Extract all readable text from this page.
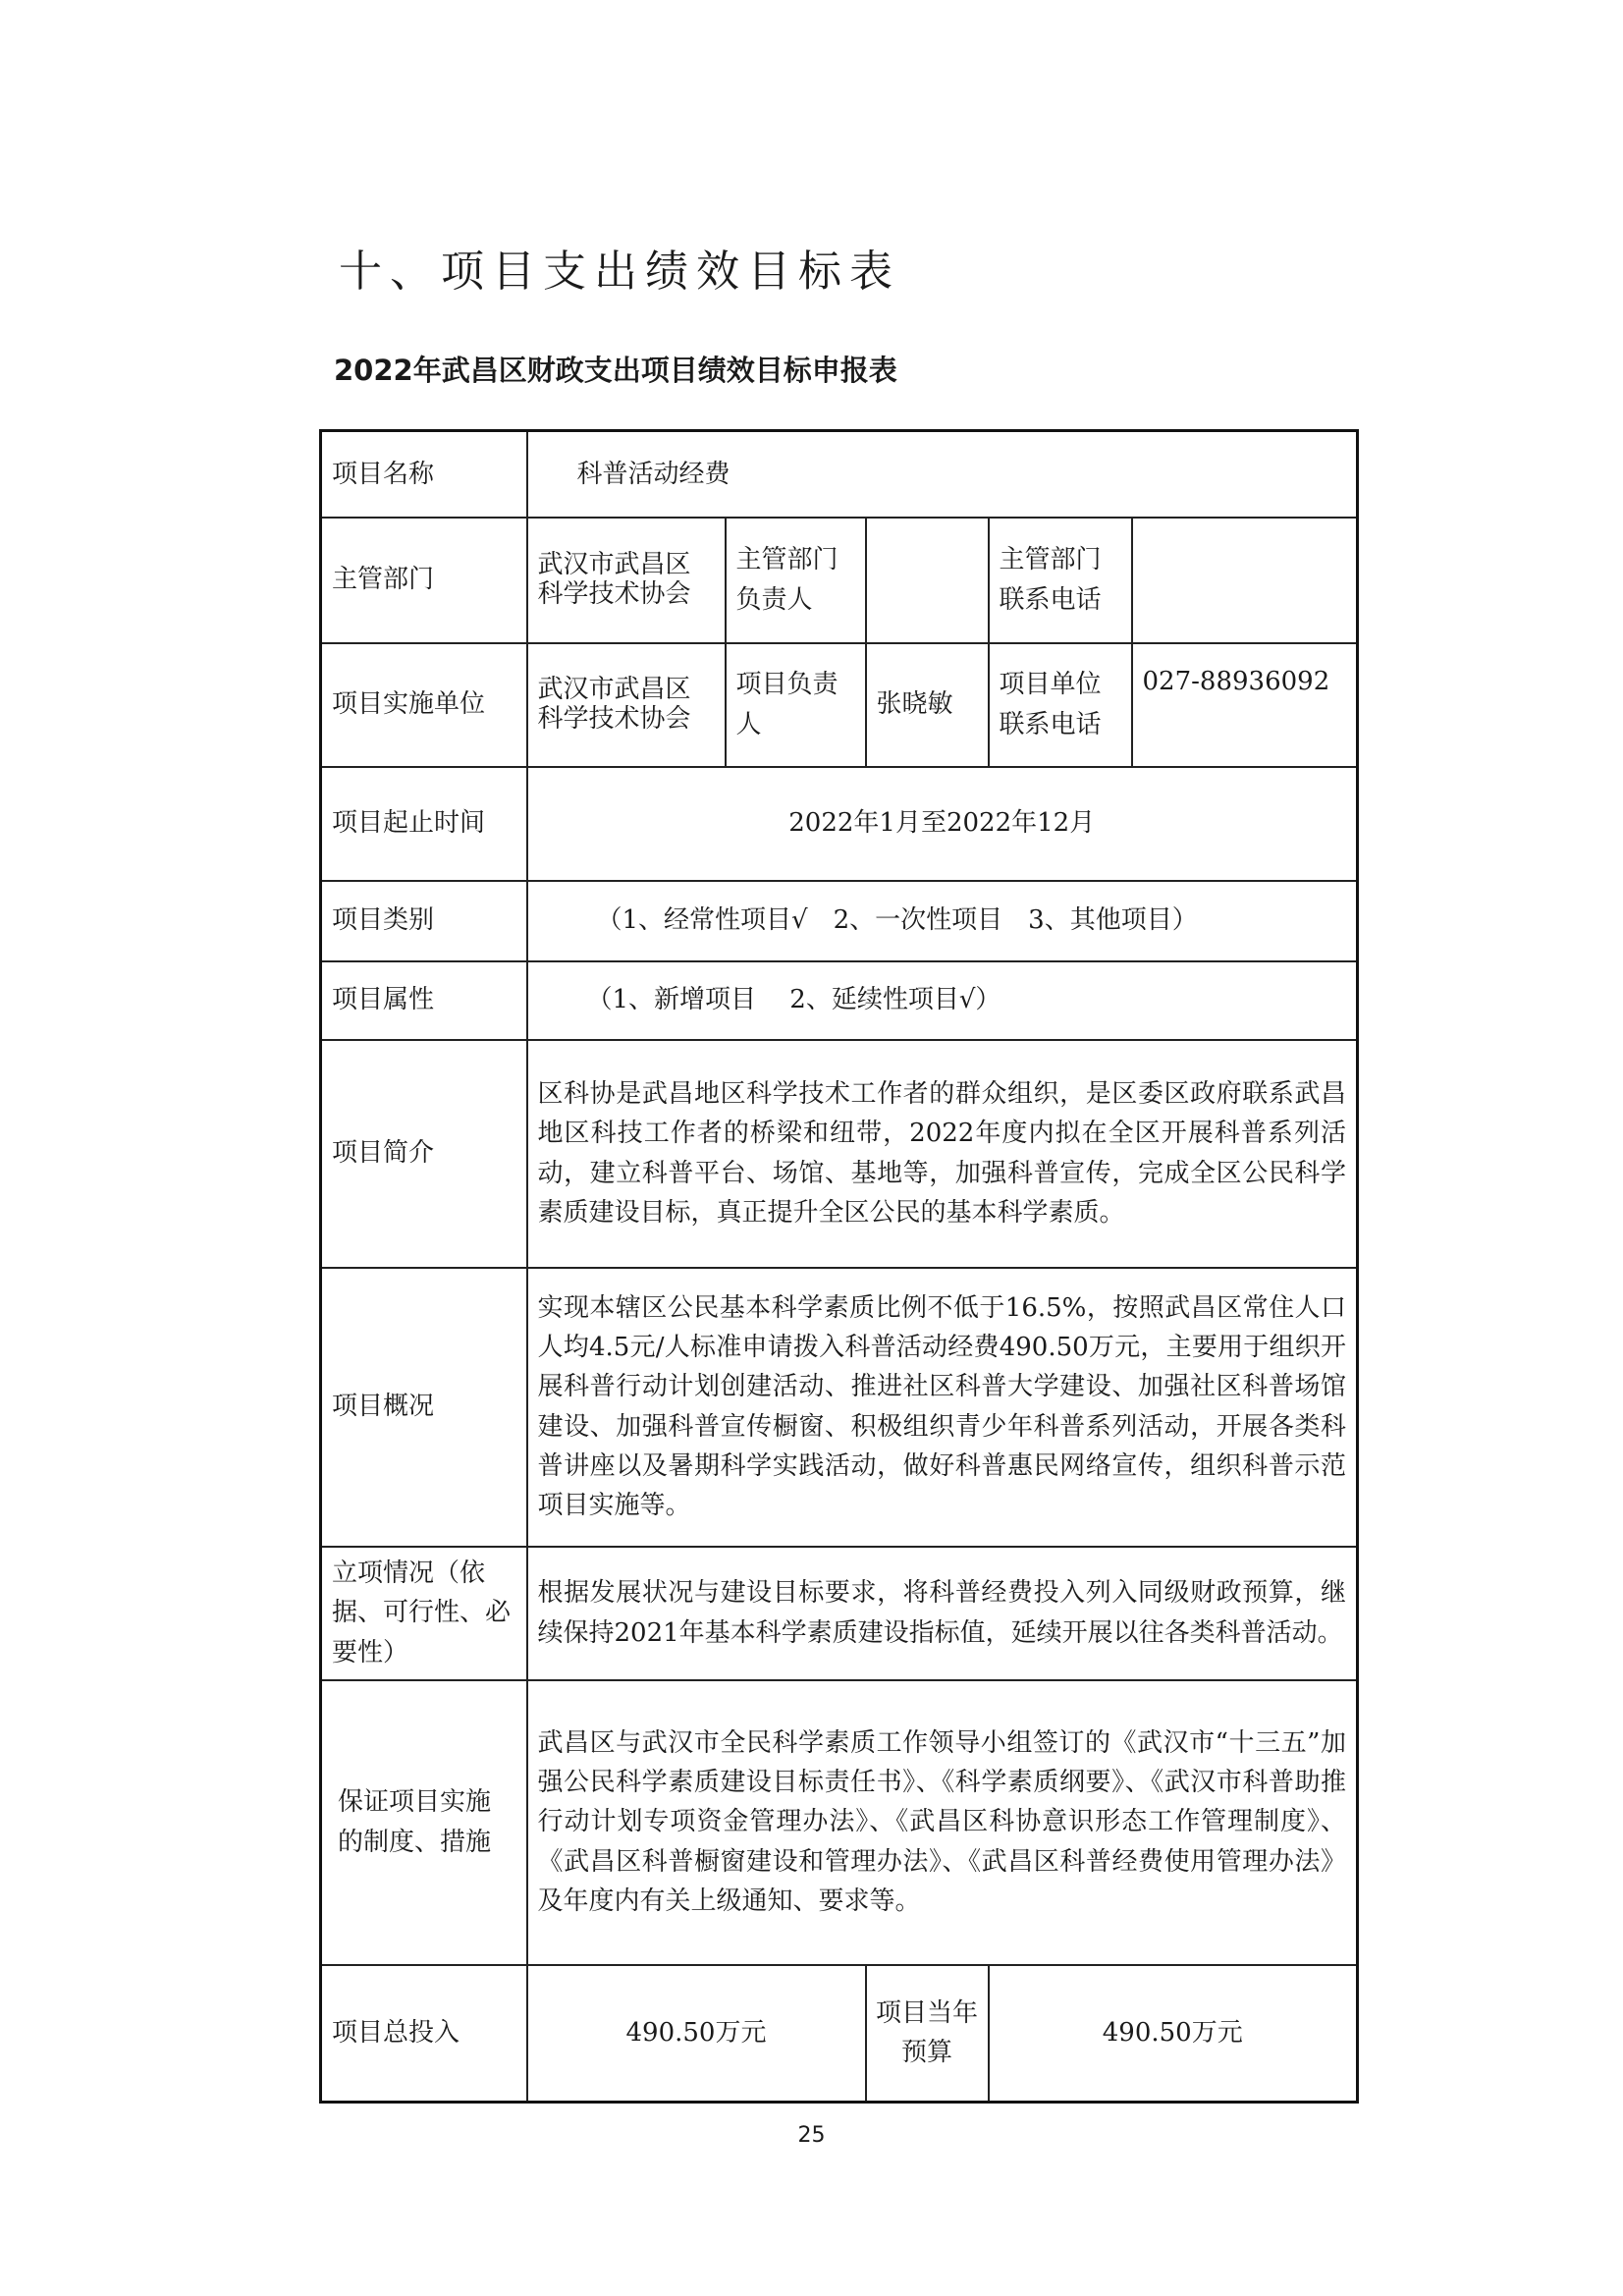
十、项目支出绩效目标表
2022年武昌区财政支出项目绩效目标申报表
项目名称	科普活动经费				
主管部门	武汉市武昌区科学技术协会	主管部门负责人		主管部门联系电话	
项目实施单位	武汉市武昌区科学技术协会	项目负责人	张晓敏	项目单位联系电话	027-88936092
项目起止时间	2022年1月至2022年12月				
项目类别	（1、经常性项目√　2、一次性项目　3、其他项目）				
项目属性	（1、新增项目　 2、延续性项目√）				
项目简介	区科协是武昌地区科学技术工作者的群众组织，是区委区政府联系武昌地区科技工作者的桥梁和纽带，2022年度内拟在全区开展科普系列活动，建立科普平台、场馆、基地等，加强科普宣传，完成全区公民科学素质建设目标，真正提升全区公民的基本科学素质。				
项目概况	实现本辖区公民基本科学素质比例不低于16.5%，按照武昌区常住人口人均4.5元/人标准申请拨入科普活动经费490.50万元，主要用于组织开展科普行动计划创建活动、推进社区科普大学建设、加强社区科普场馆建设、加强科普宣传橱窗、积极组织青少年科普系列活动，开展各类科普讲座以及暑期科学实践活动，做好科普惠民网络宣传，组织科普示范项目实施等。				
立项情况（依据、可行性、必要性）	根据发展状况与建设目标要求，将科普经费投入列入同级财政预算，继续保持2021年基本科学素质建设指标值，延续开展以往各类科普活动。				
保证项目实施的制度、措施	武昌区与武汉市全民科学素质工作领导小组签订的《武汉市“十三五”加强公民科学素质建设目标责任书》、《科学素质纲要》、《武汉市科普助推行动计划专项资金管理办法》、《武昌区科协意识形态工作管理制度》、《武昌区科普橱窗建设和管理办法》、《武昌区科普经费使用管理办法》及年度内有关上级通知、要求等。				
项目总投入	490.50万元		项目当年预算	490.50万元	
25
